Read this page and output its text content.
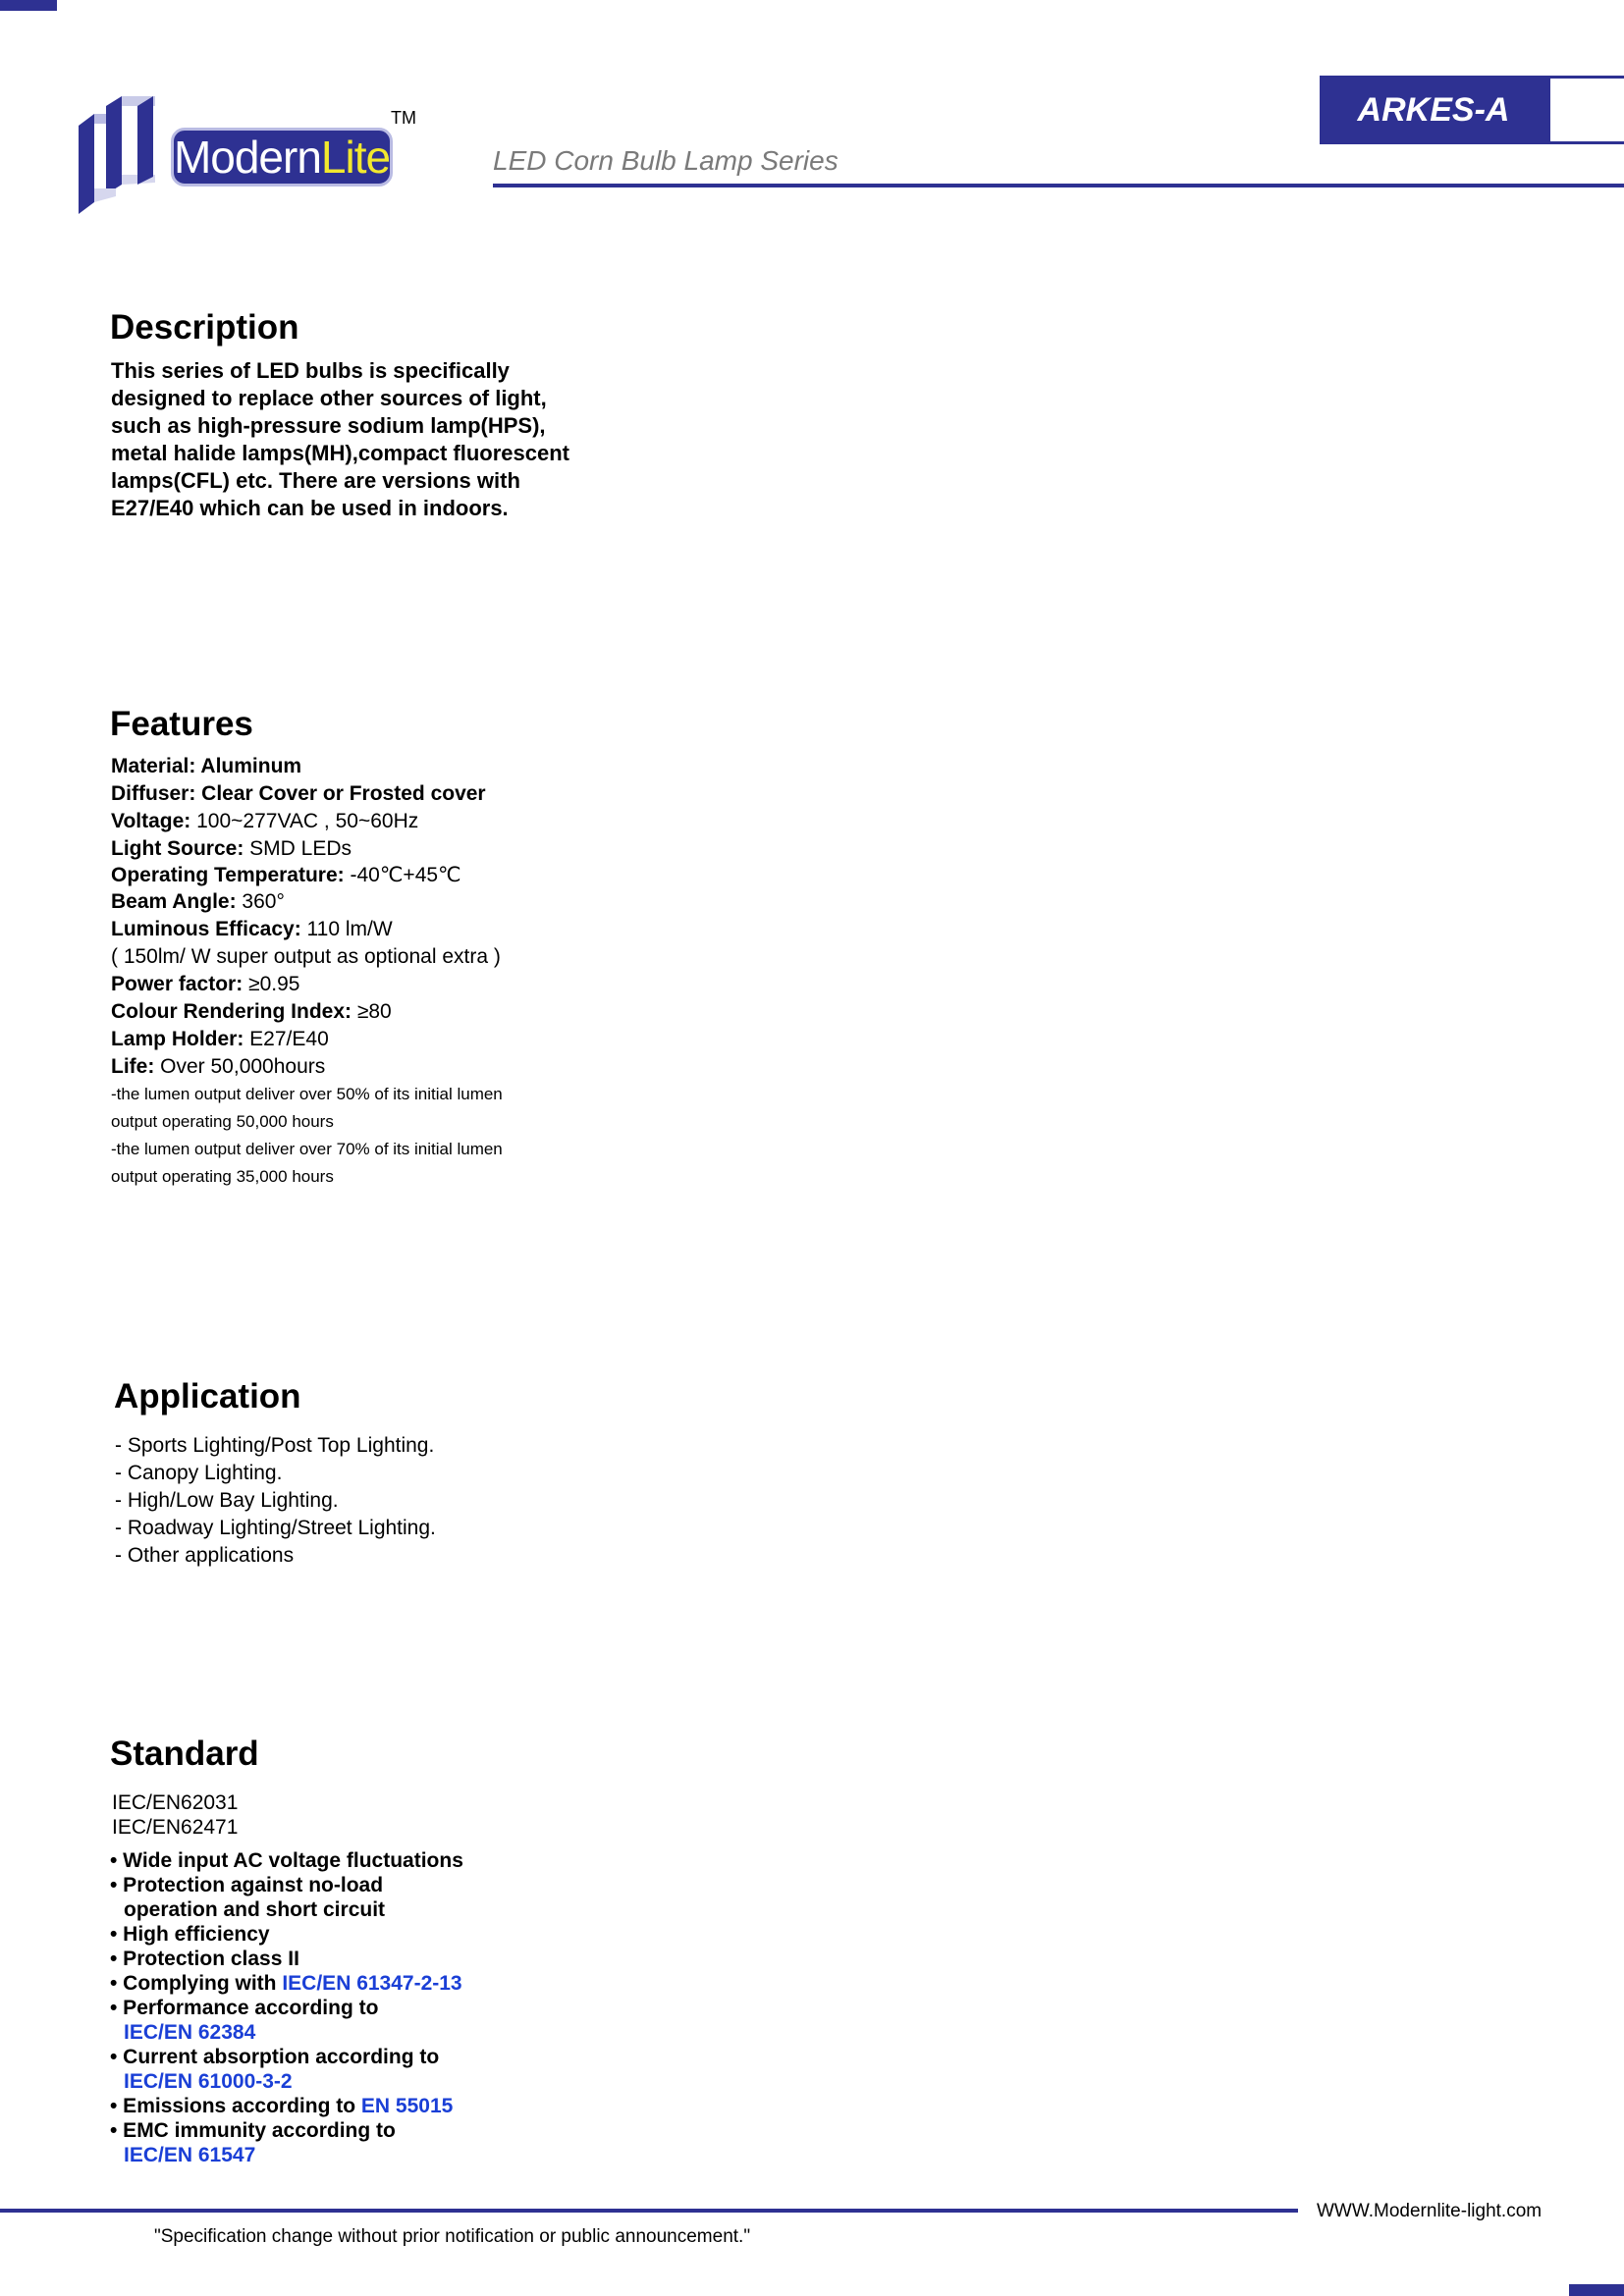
ModernLite
TM
LED Corn Bulb Lamp Series
ARKES-A
Description
This series of LED bulbs is specifically
designed to replace other sources of light,
such as high-pressure sodium lamp(HPS),
metal halide lamps(MH),compact fluorescent
lamps(CFL) etc. There are versions with
E27/E40 which can be used in indoors.
Features
Material: Aluminum
Diffuser: Clear Cover or Frosted cover
Voltage: 100~277VAC , 50~60Hz
Light Source: SMD LEDs
Operating Temperature: -40℃+45℃
Beam Angle: 360°
Luminous Efficacy: 110 lm/W
( 150lm/ W super output as optional extra )
Power factor: ≥0.95
Colour Rendering Index: ≥80
Lamp Holder: E27/E40
Life: Over 50,000hours
-the lumen output deliver over 50% of its initial lumen
output operating 50,000 hours
-the lumen output deliver over 70% of its initial lumen
output operating 35,000 hours
Application
- Sports Lighting/Post Top Lighting.
- Canopy Lighting.
- High/Low Bay Lighting.
- Roadway Lighting/Street Lighting.
- Other applications
Standard
IEC/EN62031
IEC/EN62471
• Wide input AC voltage fluctuations
• Protection against no-load
operation and short circuit
• High efficiency
• Protection class II
• Complying with IEC/EN 61347-2-13
• Performance according to
IEC/EN 62384
• Current absorption according to
IEC/EN 61000-3-2
• Emissions according to EN 55015
• EMC immunity according to
IEC/EN 61547
WWW.Modernlite-light.com
"Specification change without prior notification or public announcement."
